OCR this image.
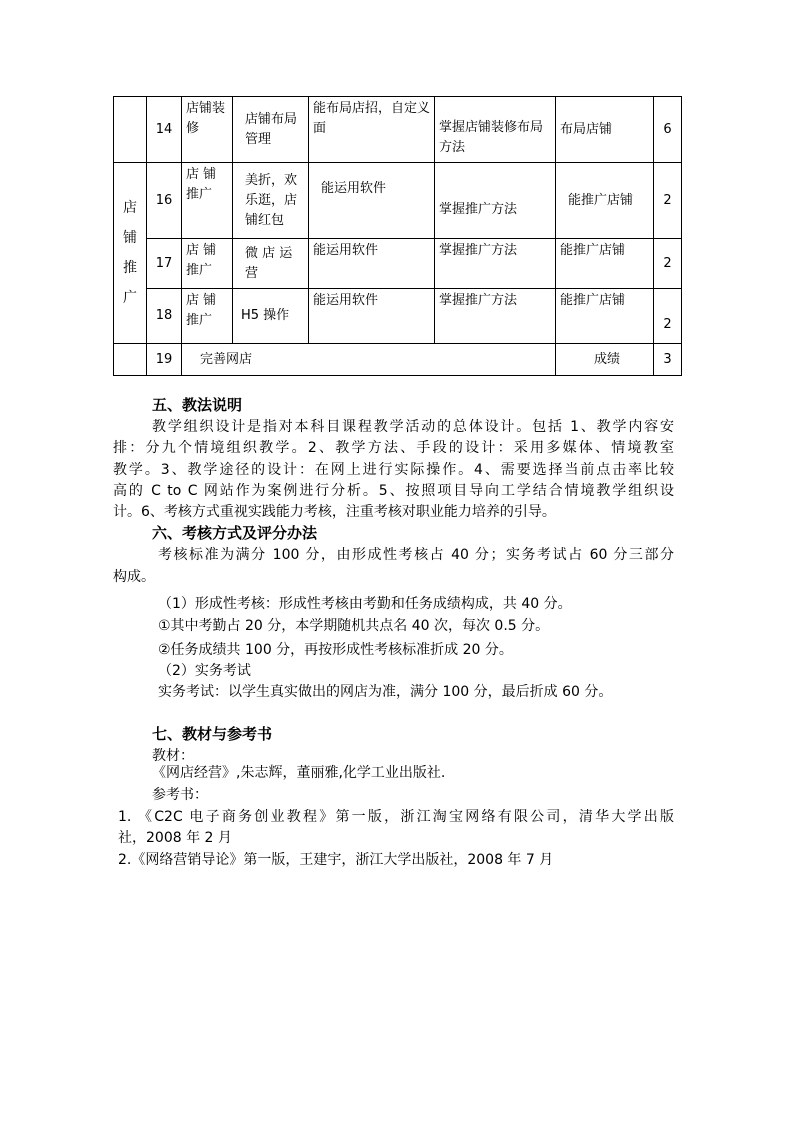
	14	店铺装修	店铺布局管理	能布局店招，自定义面	掌握店铺装修布局方法	布局店铺	6
店铺推广	16	店 铺推广	美折，欢乐逛，店铺红包	能运用软件	掌握推广方法	能推广店铺	2
	17	店 铺推广	微 店 运营	能运用软件	掌握推广方法	能推广店铺	2
	18	店 铺推广	H5 操作	能运用软件	掌握推广方法	能推广店铺	2
	19	完善网店				成绩	3
五、教法说明
教学组织设计是指对本科目课程教学活动的总体设计。包括 1、教学内容安
排：分九个情境组织教学。2、教学方法、手段的设计：采用多媒体、情境教室
教学。3、教学途径的设计：在网上进行实际操作。4、需要选择当前点击率比较
高的 C to C 网站作为案例进行分析。5、按照项目导向工学结合情境教学组织设
计。6、考核方式重视实践能力考核，注重考核对职业能力培养的引导。
六、考核方式及评分办法
考核标准为满分 100 分，由形成性考核占 40 分；实务考试占 60 分三部分
构成。
（1）形成性考核：形成性考核由考勤和任务成绩构成，共 40 分。
①其中考勤占 20 分，本学期随机共点名 40 次，每次 0.5 分。
②任务成绩共 100 分，再按形成性考核标准折成 20 分。
（2）实务考试
实务考试：以学生真实做出的网店为准，满分 100 分，最后折成 60 分。
七、教材与参考书
教材：
《网店经营》,朱志辉，董丽雅,化学工业出版社.
参考书：
1. 《C2C 电子商务创业教程》第一版，浙江淘宝网络有限公司，清华大学出版
社，2008 年 2 月
2.《网络营销导论》第一版，王建宇，浙江大学出版社，2008 年 7 月
